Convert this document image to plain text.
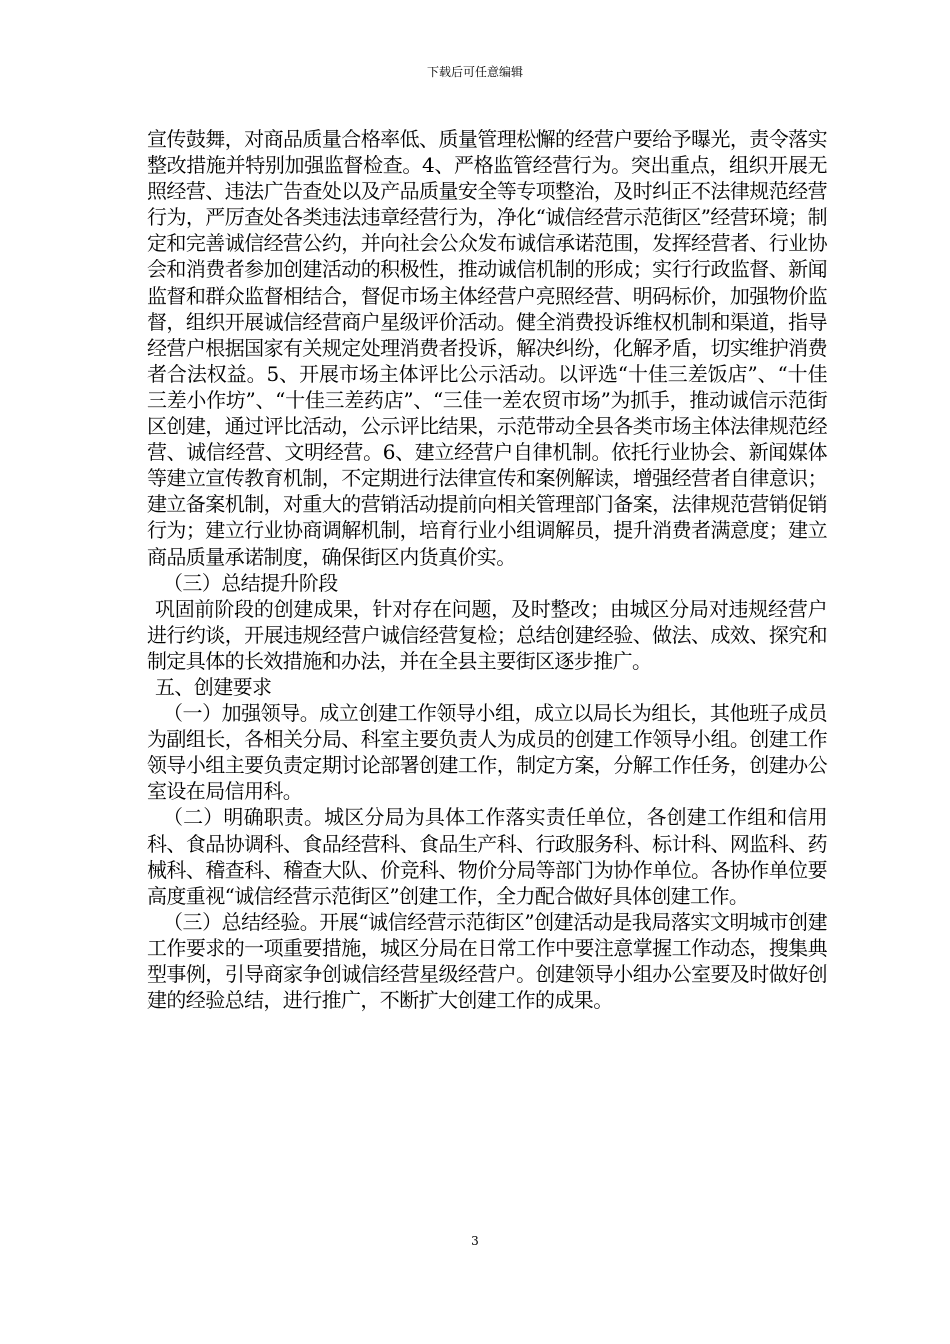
下载后可任意编辑

宣传鼓舞，对商品质量合格率低、质量管理松懈的经营户要给予曝光，责令落实整改措施并特别加强监督检查。4、严格监管经营行为。突出重点，组织开展无照经营、违法广告查处以及产品质量安全等专项整治，及时纠正不法律规范经营行为，严厉查处各类违法违章经营行为，净化“诚信经营示范街区”经营环境；制定和完善诚信经营公约，并向社会公众发布诚信承诺范围，发挥经营者、行业协会和消费者参加创建活动的积极性，推动诚信机制的形成；实行行政监督、新闻监督和群众监督相结合，督促市场主体经营户亮照经营、明码标价，加强物价监督，组织开展诚信经营商户星级评价活动。健全消费投诉维权机制和渠道，指导经营户根据国家有关规定处理消费者投诉，解决纠纷，化解矛盾，切实维护消费者合法权益。5、开展市场主体评比公示活动。以评选“十佳三差饭店”、“十佳三差小作坊”、“十佳三差药店”、“三佳一差农贸市场”为抓手，推动诚信示范街区创建，通过评比活动，公示评比结果，示范带动全县各类市场主体法律规范经营、诚信经营、文明经营。6、建立经营户自律机制。依托行业协会、新闻媒体等建立宣传教育机制，不定期进行法律宣传和案例解读，增强经营者自律意识；建立备案机制，对重大的营销活动提前向相关管理部门备案，法律规范营销促销行为；建立行业协商调解机制，培育行业小组调解员，提升消费者满意度；建立商品质量承诺制度，确保街区内货真价实。

（三）总结提升阶段

巩固前阶段的创建成果，针对存在问题，及时整改；由城区分局对违规经营户进行约谈，开展违规经营户诚信经营复检；总结创建经验、做法、成效、探究和制定具体的长效措施和办法，并在全县主要街区逐步推广。

五、创建要求

（一）加强领导。成立创建工作领导小组，成立以局长为组长，其他班子成员为副组长，各相关分局、科室主要负责人为成员的创建工作领导小组。创建工作领导小组主要负责定期讨论部署创建工作，制定方案，分解工作任务，创建办公室设在局信用科。

（二）明确职责。城区分局为具体工作落实责任单位，各创建工作组和信用科、食品协调科、食品经营科、食品生产科、行政服务科、标计科、网监科、药械科、稽查科、稽查大队、价竞科、物价分局等部门为协作单位。各协作单位要高度重视“诚信经营示范街区”创建工作，全力配合做好具体创建工作。

（三）总结经验。开展“诚信经营示范街区”创建活动是我局落实文明城市创建工作要求的一项重要措施，城区分局在日常工作中要注意掌握工作动态，搜集典型事例，引导商家争创诚信经营星级经营户。创建领导小组办公室要及时做好创建的经验总结，进行推广，不断扩大创建工作的成果。

3
